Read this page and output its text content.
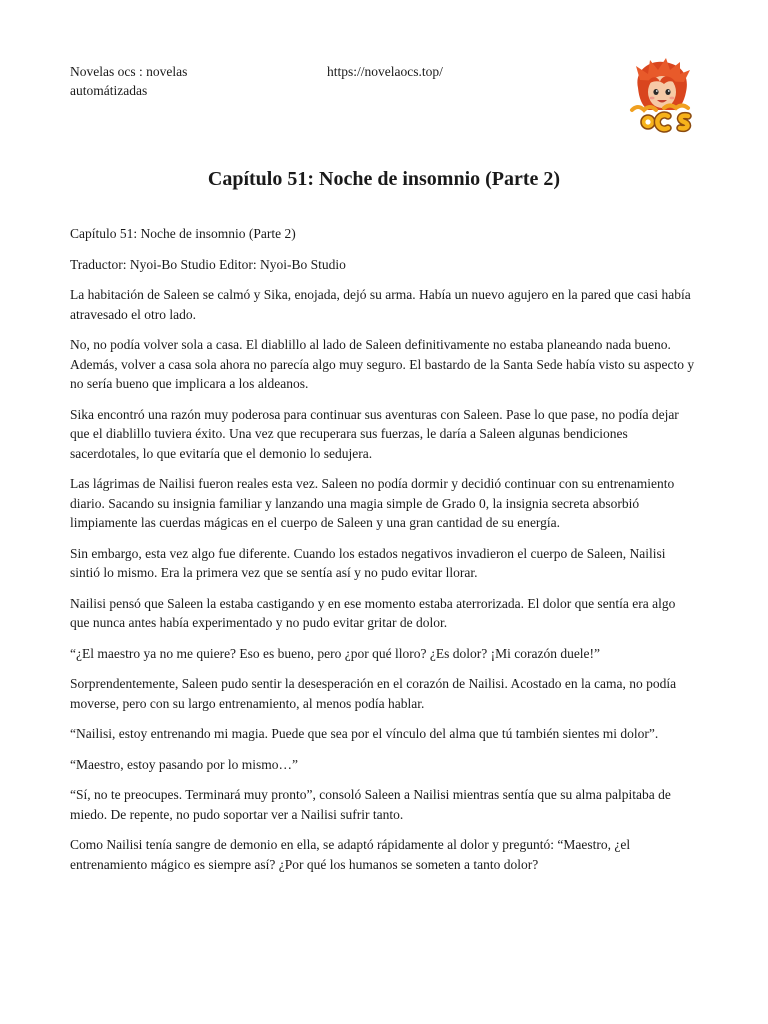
Novelas ocs : novelas automátizadas
https://novelaocs.top/
Capítulo 51: Noche de insomnio (Parte 2)

Capítulo 51: Noche de insomnio (Parte 2)

Traductor: Nyoi-Bo Studio Editor: Nyoi-Bo Studio

La habitación de Saleen se calmó y Sika, enojada, dejó su arma. Había un nuevo agujero en la pared que casi había atravesado el otro lado.

No, no podía volver sola a casa. El diablillo al lado de Saleen definitivamente no estaba planeando nada bueno. Además, volver a casa sola ahora no parecía algo muy seguro. El bastardo de la Santa Sede había visto su aspecto y no sería bueno que implicara a los aldeanos.

Sika encontró una razón muy poderosa para continuar sus aventuras con Saleen. Pase lo que pase, no podía dejar que el diablillo tuviera éxito. Una vez que recuperara sus fuerzas, le daría a Saleen algunas bendiciones sacerdotales, lo que evitaría que el demonio lo sedujera.

Las lágrimas de Nailisi fueron reales esta vez. Saleen no podía dormir y decidió continuar con su entrenamiento diario. Sacando su insignia familiar y lanzando una magia simple de Grado 0, la insignia secreta absorbió limpiamente las cuerdas mágicas en el cuerpo de Saleen y una gran cantidad de su energía.

Sin embargo, esta vez algo fue diferente. Cuando los estados negativos invadieron el cuerpo de Saleen, Nailisi sintió lo mismo. Era la primera vez que se sentía así y no pudo evitar llorar.

Nailisi pensó que Saleen la estaba castigando y en ese momento estaba aterrorizada. El dolor que sentía era algo que nunca antes había experimentado y no pudo evitar gritar de dolor.

“¿El maestro ya no me quiere? Eso es bueno, pero ¿por qué lloro? ¿Es dolor? ¡Mi corazón duele!”

Sorprendentemente, Saleen pudo sentir la desesperación en el corazón de Nailisi. Acostado en la cama, no podía moverse, pero con su largo entrenamiento, al menos podía hablar.

“Nailisi, estoy entrenando mi magia. Puede que sea por el vínculo del alma que tú también sientes mi dolor”.

“Maestro, estoy pasando por lo mismo…”

“Sí, no te preocupes. Terminará muy pronto”, consoló Saleen a Nailisi mientras sentía que su alma palpitaba de miedo. De repente, no pudo soportar ver a Nailisi sufrir tanto.

Como Nailisi tenía sangre de demonio en ella, se adaptó rápidamente al dolor y preguntó: “Maestro, ¿el entrenamiento mágico es siempre así? ¿Por qué los humanos se someten a tanto dolor?
